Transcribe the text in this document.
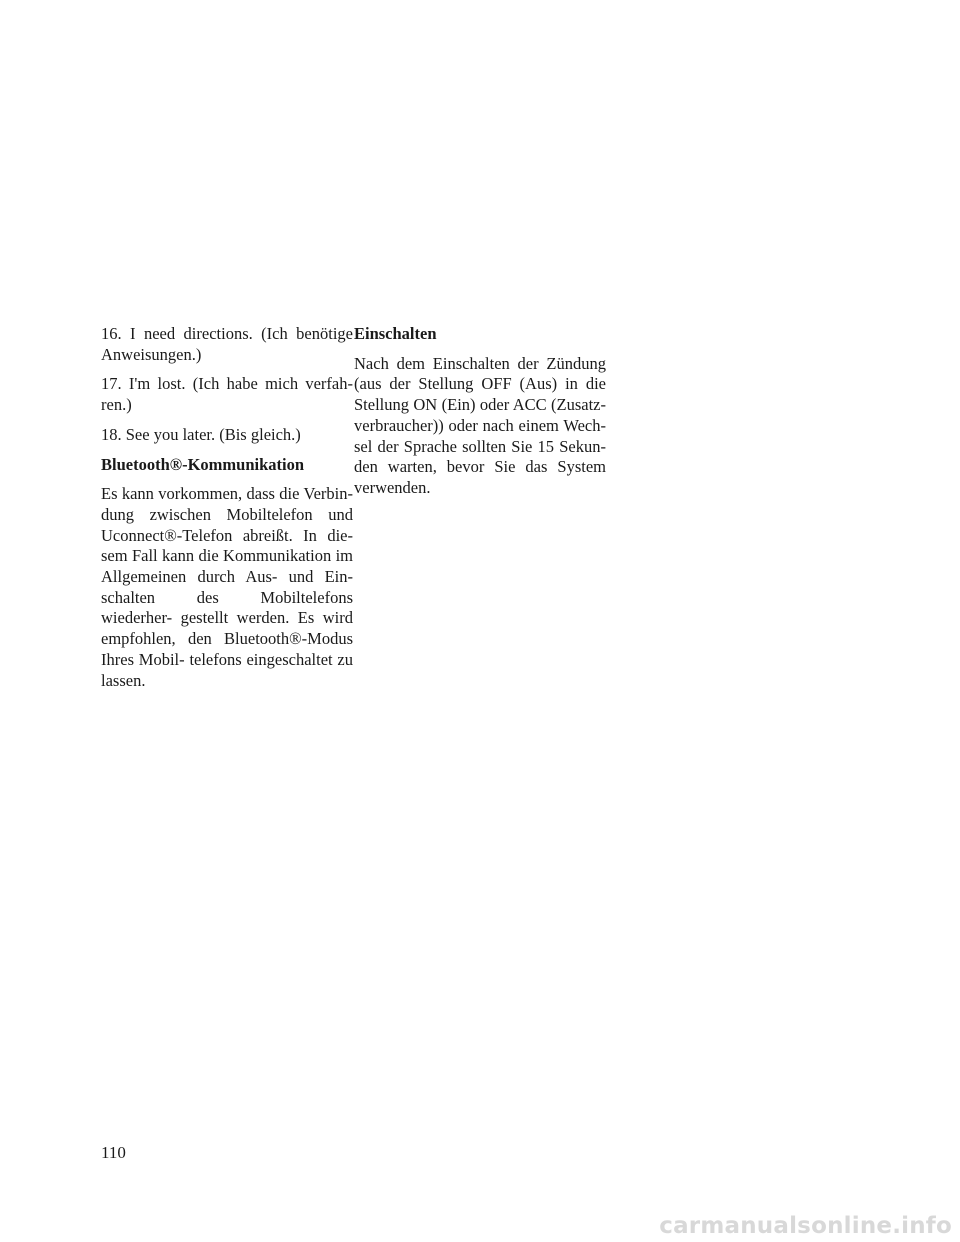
16. I need directions. (Ich benötige Anweisungen.)

17. I'm lost. (Ich habe mich verfah- ren.)

18. See you later. (Bis gleich.)

Bluetooth®-Kommunikation

Es kann vorkommen, dass die Verbin- dung zwischen Mobiltelefon und Uconnect®-Telefon abreißt. In die- sem Fall kann die Kommunikation im Allgemeinen durch Aus- und Ein- schalten des Mobiltelefons wiederher- gestellt werden. Es wird empfohlen, den Bluetooth®-Modus Ihres Mobil- telefons eingeschaltet zu lassen.

Einschalten

Nach dem Einschalten der Zündung (aus der Stellung OFF (Aus) in die Stellung ON (Ein) oder ACC (Zusatz- verbraucher)) oder nach einem Wech- sel der Sprache sollten Sie 15 Sekun- den warten, bevor Sie das System verwenden.

110
carmanualsonline.info
